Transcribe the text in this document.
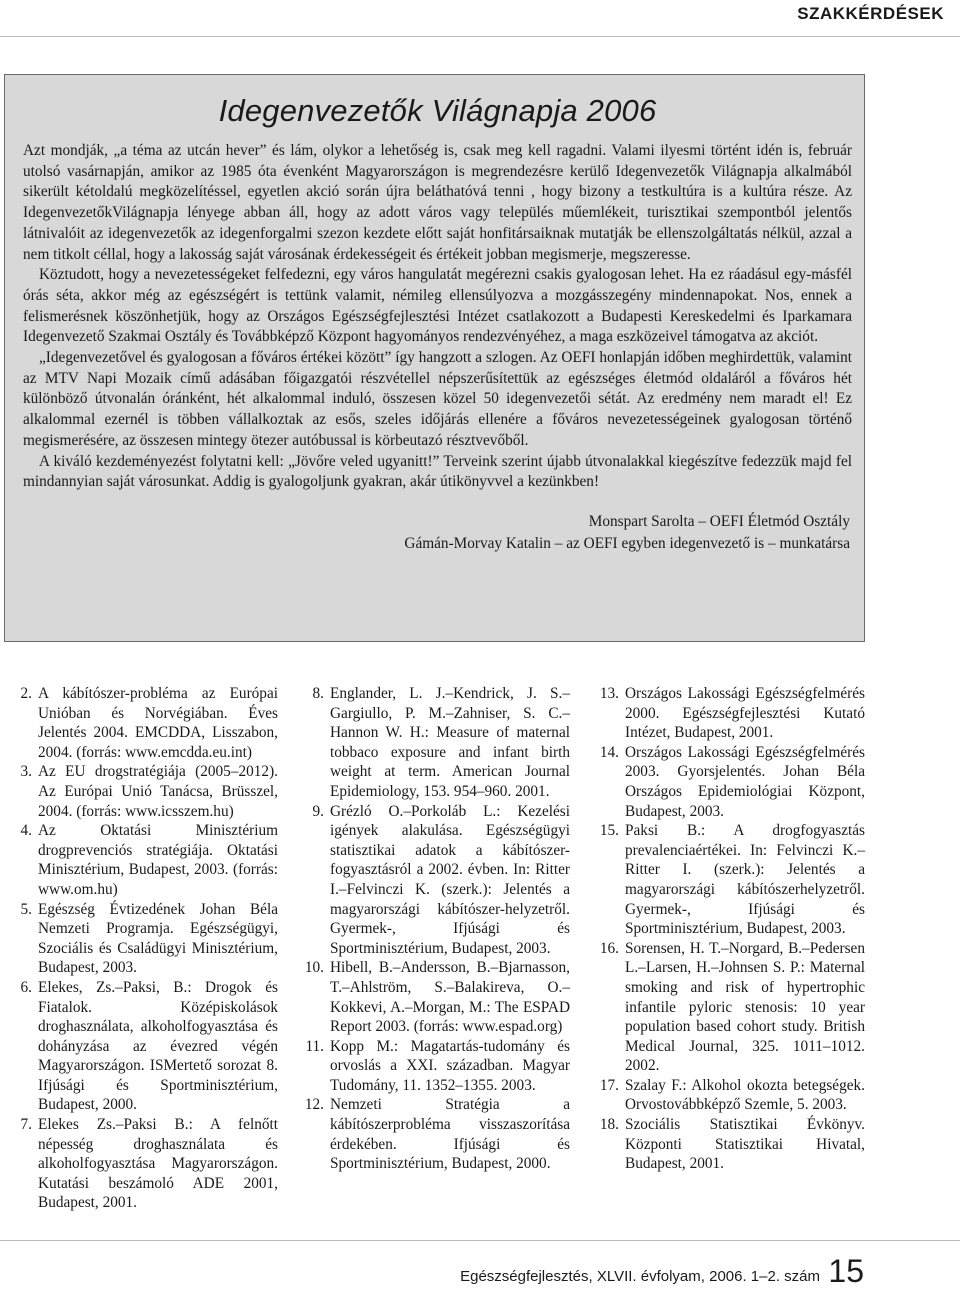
SZAKKÉRDÉSEK
Idegenvezetők Világnapja 2006

Azt mondják, „a téma az utcán hever” és lám, olykor a lehetőség is, csak meg kell ragadni. Valami ilyesmi történt idén is, február utolsó vasárnapján, amikor az 1985 óta évenként Magyarországon is megrendezésre kerülő Idegenvezetők Világnapja alkalmából sikerült kétoldalú megközelítéssel, egyetlen akció során újra beláthatóvá tenni , hogy bizony a testkultúra is a kultúra része. Az IdegenvezetőkVilágnapja lényege abban áll, hogy az adott város vagy település műemlékeit, turisztikai szempontból jelentős látnivalóit az idegenvezetők az idegenforgalmi szezon kezdete előtt saját honfitársaiknak mutatják be ellenszolgáltatás nélkül, azzal a nem titkolt céllal, hogy a lakosság saját városának érdekességeit és értékeit jobban megismerje, megszeresse.

Köztudott, hogy a nevezetességeket felfedezni, egy város hangulatát megérezni csakis gyalogosan lehet. Ha ez ráadásul egy-másfél órás séta, akkor még az egészségért is tettünk valamit, némileg ellensúlyozva a mozgásszegény mindennapokat. Nos, ennek a felismerésnek köszönhetjük, hogy az Országos Egészségfejlesztési Intézet csatlakozott a Budapesti Kereskedelmi és Iparkamara Idegenvezető Szakmai Osztály és Továbbképző Központ hagyományos rendezvényéhez, a maga eszközeivel támogatva az akciót.

„Idegenvezetővel és gyalogosan a főváros értékei között” így hangzott a szlogen. Az OEFI honlapján időben meghirdettük, valamint az MTV Napi Mozaik című adásában főigazgatói részvétellel népszerűsítettük az egészséges életmód oldaláról a főváros hét különböző útvonalán óránként, hét alkalommal induló, összesen közel 50 idegenvezetői sétát. Az eredmény nem maradt el! Ez alkalommal ezernél is többen vállalkoztak az esős, szeles időjárás ellenére a főváros nevezetességeinek gyalogosan történő megismerésére, az összesen mintegy ötezer autóbussal is körbeutazó résztvevőből.

A kiváló kezdeményezést folytatni kell: „Jövőre veled ugyanitt!” Terveink szerint újabb útvonalakkal kiegészítve fedezzük majd fel mindannyian saját városunkat. Addig is gyalogoljunk gyakran, akár útikönyvvel a kezünkben!

Monspart Sarolta – OEFI Életmód Osztály
Gámán-Morvay Katalin – az OEFI egyben idegenvezető is – munkatársa
2. A kábítószer-probléma az Európai Unióban és Norvégiában. Éves Jelentés 2004. EMCDDA, Lisszabon, 2004. (forrás: www.emcdda.eu.int)
3. Az EU drogstratégiája (2005–2012). Az Európai Unió Tanácsa, Brüsszel, 2004. (forrás: www.icsszem.hu)
4. Az Oktatási Minisztérium drogprevenciós stratégiája. Oktatási Minisztérium, Budapest, 2003. (forrás: www.om.hu)
5. Egészség Évtizedének Johan Béla Nemzeti Programja. Egészségügyi, Szociális és Családügyi Minisztérium, Budapest, 2003.
6. Elekes, Zs.–Paksi, B.: Drogok és Fiatalok. Középiskolások droghasználata, alkoholfogyasztása és dohányzása az évezred végén Magyarországon. ISMertető sorozat 8. Ifjúsági és Sportminisztérium, Budapest, 2000.
7. Elekes Zs.–Paksi B.: A felnőtt népesség droghasználata és alkoholfogyasztása Magyarországon. Kutatási beszámoló ADE 2001, Budapest, 2001.
8. Englander, L. J.–Kendrick, J. S.–Gargiullo, P. M.–Zahniser, S. C.–Hannon W. H.: Measure of maternal tobbaco exposure and infant birth weight at term. American Journal Epidemiology, 153. 954–960. 2001.
9. Grézló O.–Porkoláb L.: Kezelési igények alakulása. Egészségügyi statisztikai adatok a kábítószer-fogyasztásról a 2002. évben. In: Ritter I.–Felvinczi K. (szerk.): Jelentés a magyarországi kábítószer-helyzetről. Gyermek-, Ifjúsági és Sportminisztérium, Budapest, 2003.
10. Hibell, B.–Andersson, B.–Bjarnasson, T.–Ahlström, S.–Balakireva, O.–Kokkevi, A.–Morgan, M.: The ESPAD Report 2003. (forrás: www.espad.org)
11. Kopp M.: Magatartás-tudomány és orvoslás a XXI. században. Magyar Tudomány, 11. 1352–1355. 2003.
12. Nemzeti Stratégia a kábítószerprobléma visszaszorítása érdekében. Ifjúsági és Sportminisztérium, Budapest, 2000.
13. Országos Lakossági Egészségfelmérés 2000. Egészségfejlesztési Kutató Intézet, Budapest, 2001.
14. Országos Lakossági Egészségfelmérés 2003. Gyorsjelentés. Johan Béla Országos Epidemiológiai Központ, Budapest, 2003.
15. Paksi B.: A drogfogyasztás prevalenciaértékei. In: Felvinczi K.–Ritter I. (szerk.): Jelentés a magyarországi kábítószerhelyzetről. Gyermek-, Ifjúsági és Sportminisztérium, Budapest, 2003.
16. Sorensen, H. T.–Norgard, B.–Pedersen L.–Larsen, H.–Johnsen S. P.: Maternal smoking and risk of hypertrophic infantile pyloric stenosis: 10 year population based cohort study. British Medical Journal, 325. 1011–1012. 2002.
17. Szalay F.: Alkohol okozta betegségek. Orvostovábbképző Szemle, 5. 2003.
18. Szociális Statisztikai Évkönyv. Központi Statisztikai Hivatal, Budapest, 2001.
Egészségfejlesztés, XLVII. évfolyam, 2006. 1–2. szám 15
